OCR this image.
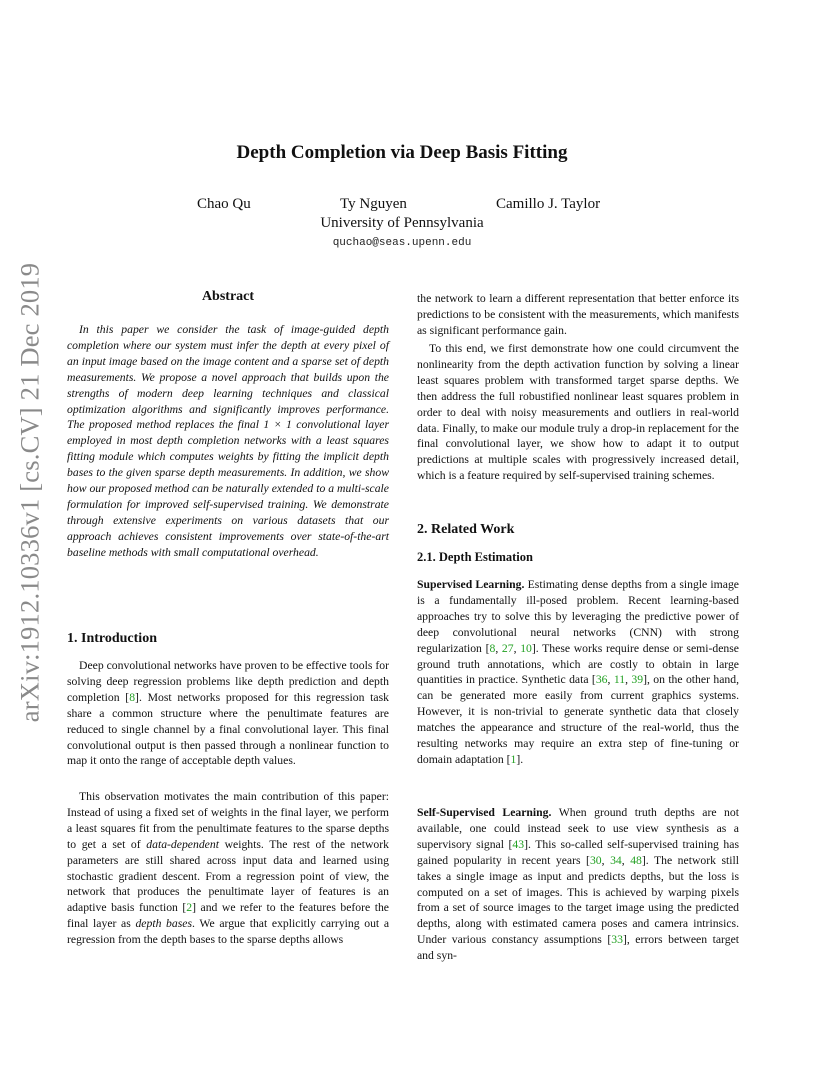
arXiv:1912.10336v1 [cs.CV] 21 Dec 2019
Depth Completion via Deep Basis Fitting
Chao Qu	Ty Nguyen	Camillo J. Taylor
University of Pennsylvania
quchao@seas.upenn.edu
Abstract

In this paper we consider the task of image-guided depth completion where our system must infer the depth at every pixel of an input image based on the image content and a sparse set of depth measurements. We propose a novel approach that builds upon the strengths of modern deep learning techniques and classical optimization algorithms and significantly improves performance. The proposed method replaces the final 1 × 1 convolutional layer employed in most depth completion networks with a least squares fitting module which computes weights by fitting the implicit depth bases to the given sparse depth measurements. In addition, we show how our proposed method can be naturally extended to a multi-scale formulation for improved self-supervised training. We demonstrate through extensive experiments on various datasets that our approach achieves consistent improvements over state-of-the-art baseline methods with small computational overhead.

1. Introduction

Deep convolutional networks have proven to be effective tools for solving deep regression problems like depth prediction and depth completion [8]. Most networks proposed for this regression task share a common structure where the penultimate features are reduced to single channel by a final convolutional layer. This final convolutional output is then passed through a nonlinear function to map it onto the range of acceptable depth values.

This observation motivates the main contribution of this paper: Instead of using a fixed set of weights in the final layer, we perform a least squares fit from the penultimate features to the sparse depths to get a set of data-dependent weights. The rest of the network parameters are still shared across input data and learned using stochastic gradient descent. From a regression point of view, the network that produces the penultimate layer of features is an adaptive basis function [2] and we refer to the features before the final layer as depth bases. We argue that explicitly carrying out a regression from the depth bases to the sparse depths allows

the network to learn a different representation that better enforce its predictions to be consistent with the measurements, which manifests as significant performance gain.

To this end, we first demonstrate how one could circumvent the nonlinearity from the depth activation function by solving a linear least squares problem with transformed target sparse depths. We then address the full robustified nonlinear least squares problem in order to deal with noisy measurements and outliers in real-world data. Finally, to make our module truly a drop-in replacement for the final convolutional layer, we show how to adapt it to output predictions at multiple scales with progressively increased detail, which is a feature required by self-supervised training schemes.

2. Related Work
2.1. Depth Estimation

Supervised Learning. Estimating dense depths from a single image is a fundamentally ill-posed problem. Recent learning-based approaches try to solve this by leveraging the predictive power of deep convolutional neural networks (CNN) with strong regularization [8, 27, 10]. These works require dense or semi-dense ground truth annotations, which are costly to obtain in large quantities in practice. Synthetic data [36, 11, 39], on the other hand, can be generated more easily from current graphics systems. However, it is non-trivial to generate synthetic data that closely matches the appearance and structure of the real-world, thus the resulting networks may require an extra step of fine-tuning or domain adaptation [1].

Self-Supervised Learning. When ground truth depths are not available, one could instead seek to use view synthesis as a supervisory signal [43]. This so-called self-supervised training has gained popularity in recent years [30, 34, 48]. The network still takes a single image as input and predicts depths, but the loss is computed on a set of images. This is achieved by warping pixels from a set of source images to the target image using the predicted depths, along with estimated camera poses and camera intrinsics. Under various constancy assumptions [33], errors between target and syn-
